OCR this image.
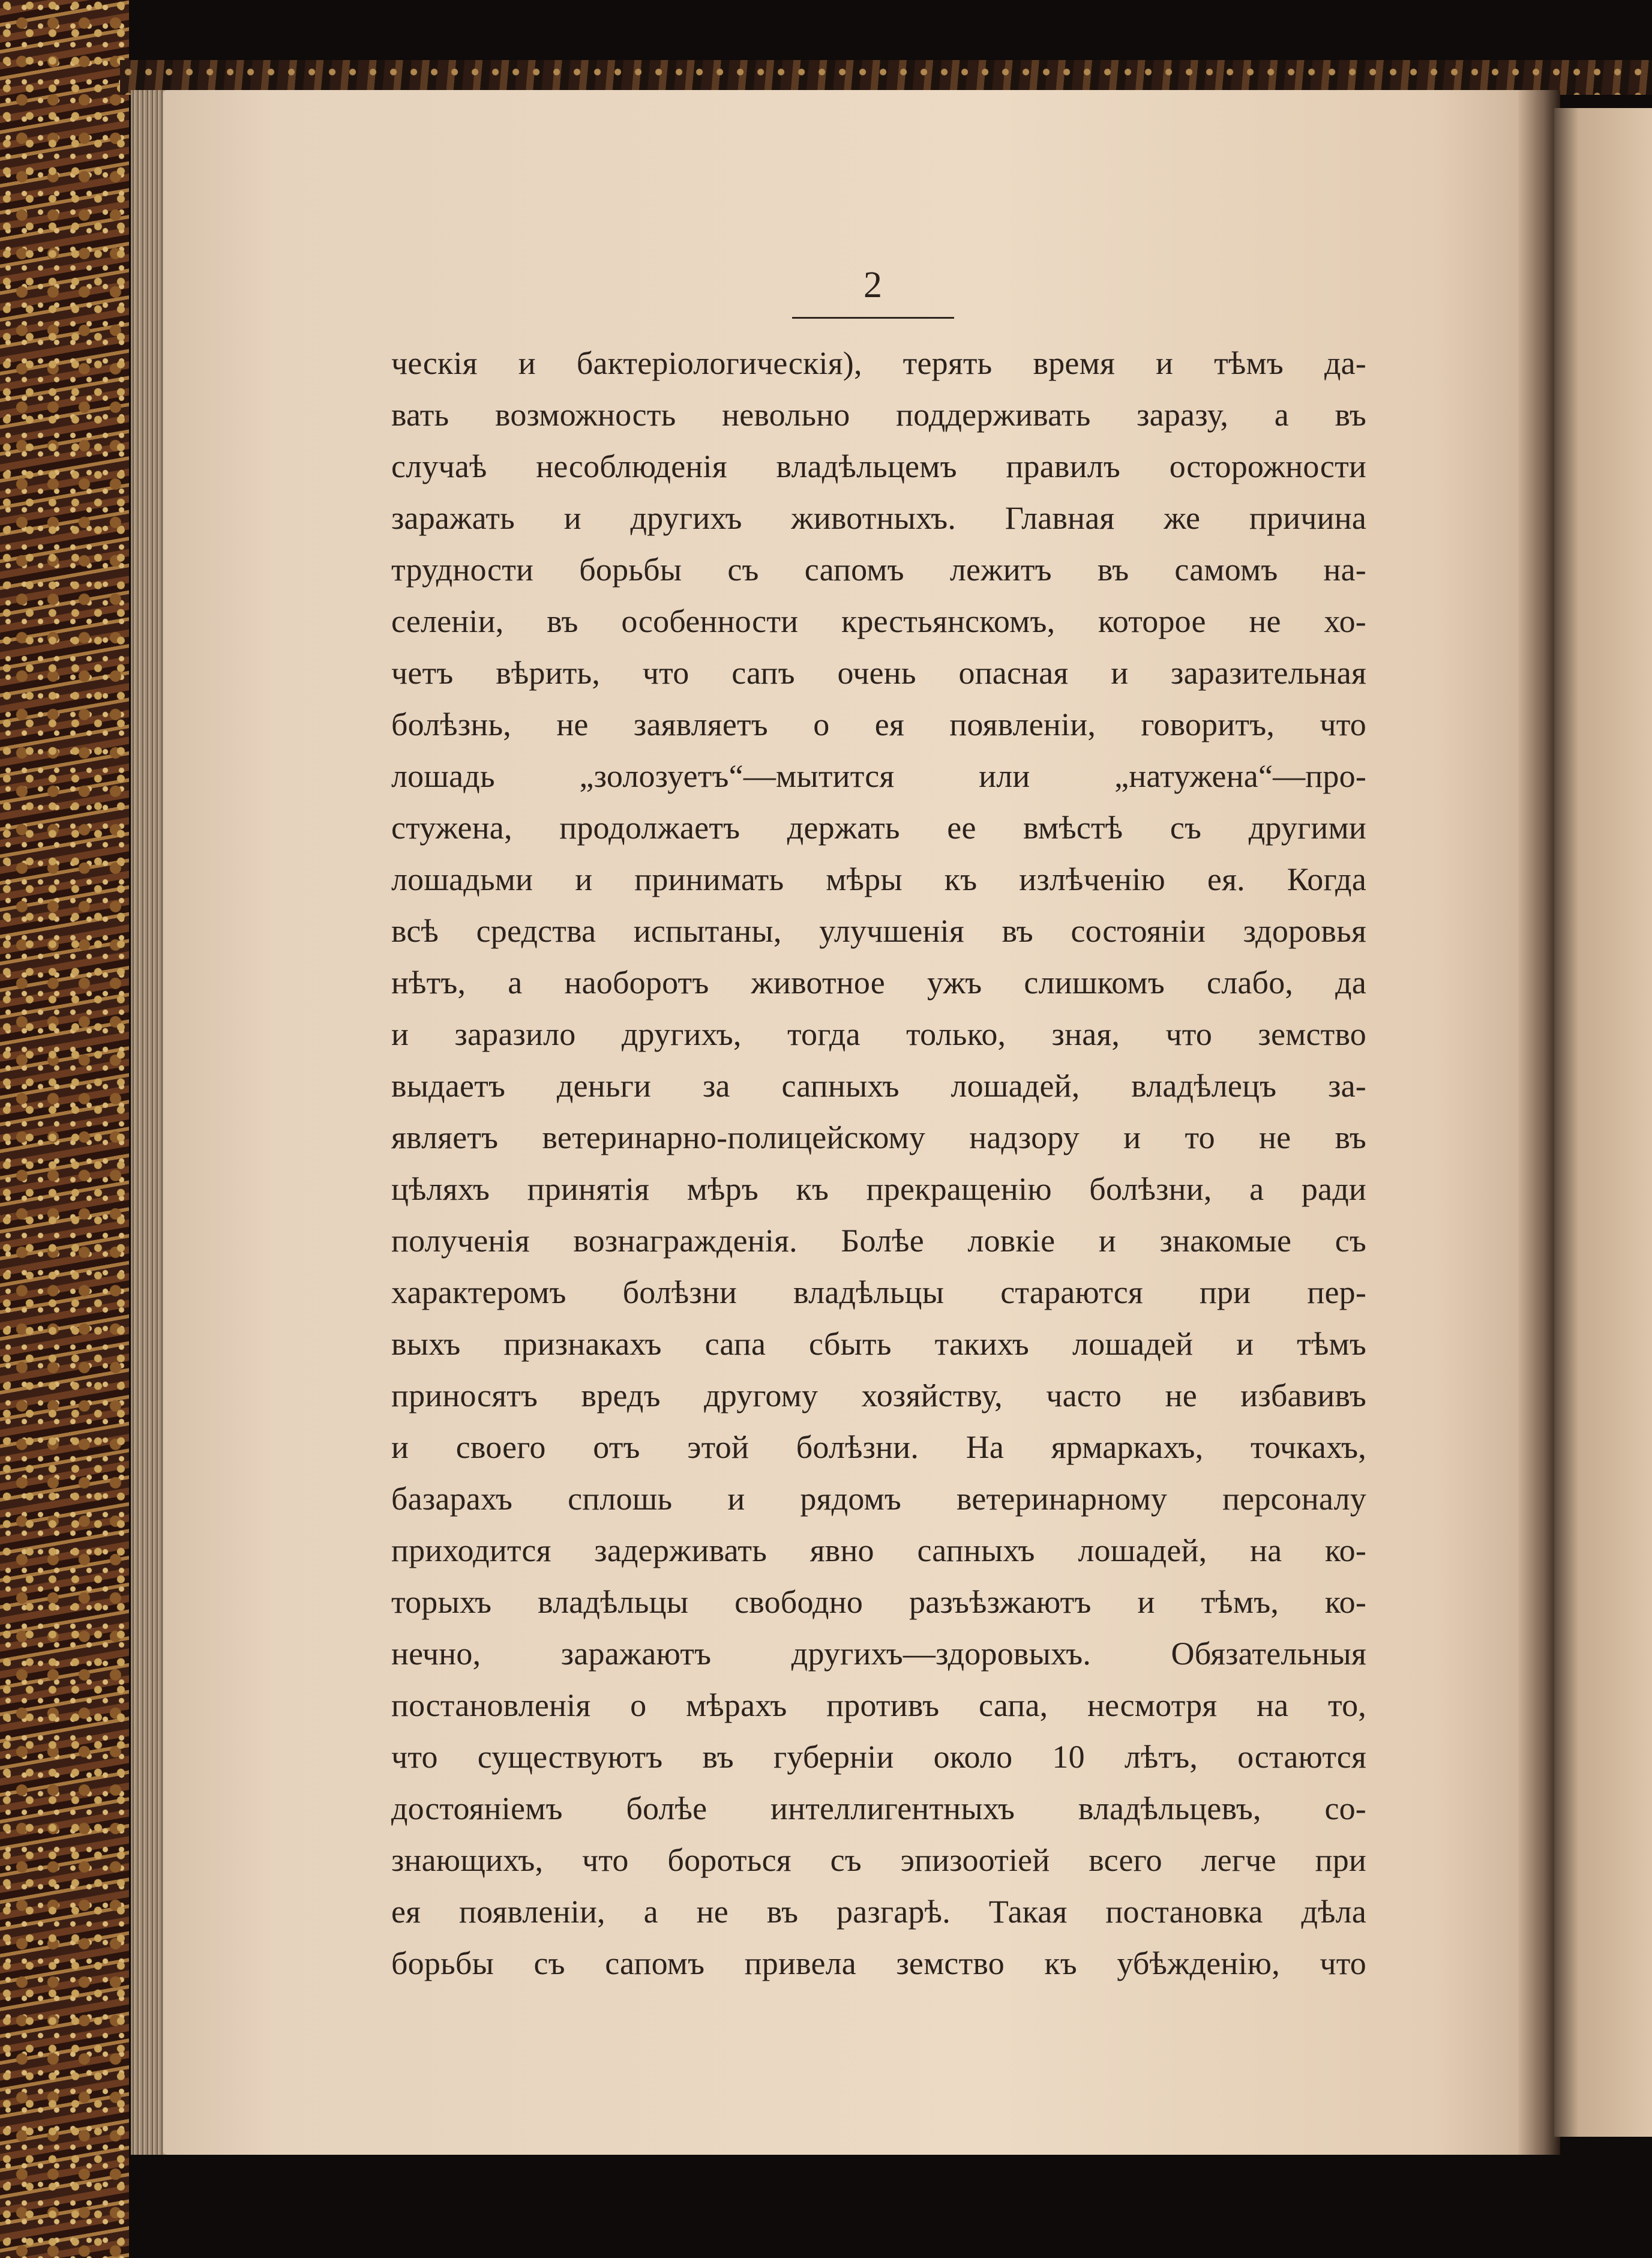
2
ческія и бактеріологическія), терять время и тѣмъ да-
вать возможность невольно поддерживать заразу, а въ
случаѣ несоблюденія владѣльцемъ правилъ осторожности
заражать и другихъ животныхъ. Главная же причина
трудности борьбы съ сапомъ лежитъ въ самомъ на-
селеніи, въ особенности крестьянскомъ, которое не хо-
четъ вѣрить, что сапъ очень опасная и заразительная
болѣзнь, не заявляетъ о ея появленіи, говоритъ, что
лошадь „золозуетъ“—мытится или „натужена“—про-
стужена, продолжаетъ держать ее вмѣстѣ съ другими
лошадьми и принимать мѣры къ излѣченію ея. Когда
всѣ средства испытаны, улучшенія въ состояніи здоровья
нѣтъ, а наоборотъ животное ужъ слишкомъ слабо, да
и заразило другихъ, тогда только, зная, что земство
выдаетъ деньги за сапныхъ лошадей, владѣлецъ за-
являетъ ветеринарно-полицейскому надзору и то не въ
цѣляхъ принятія мѣръ къ прекращенію болѣзни, а ради
полученія вознагражденія. Болѣе ловкіе и знакомые съ
характеромъ болѣзни владѣльцы стараются при пер-
выхъ признакахъ сапа сбыть такихъ лошадей и тѣмъ
приносятъ вредъ другому хозяйству, часто не избавивъ
и своего отъ этой болѣзни. На ярмаркахъ, точкахъ,
базарахъ сплошь и рядомъ ветеринарному персоналу
приходится задерживать явно сапныхъ лошадей, на ко-
торыхъ владѣльцы свободно разъѣзжаютъ и тѣмъ, ко-
нечно, заражаютъ другихъ—здоровыхъ. Обязательныя
постановленія о мѣрахъ противъ сапа, несмотря на то,
что существуютъ въ губерніи около 10 лѣтъ, остаются
достояніемъ болѣе интеллигентныхъ владѣльцевъ, со-
знающихъ, что бороться съ эпизоотіей всего легче при
ея появленіи, а не въ разгарѣ. Такая постановка дѣла
борьбы съ сапомъ привела земство къ убѣжденію, что
